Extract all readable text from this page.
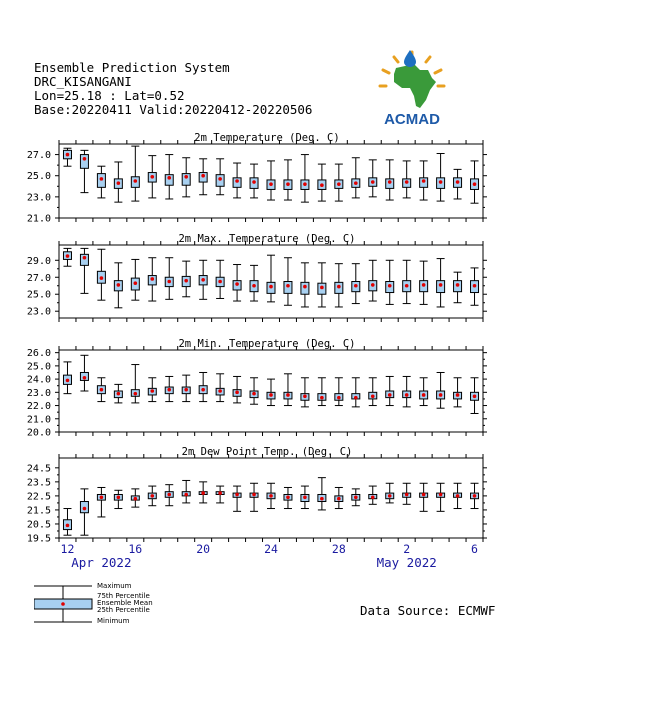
Ensemble Prediction System
DRC_KISANGANI
Lon=25.18 : Lat=0.52
Base:20220411 Valid:20220412-20220506
ACMAD
2m Temperature (Deg. C)
21.0
23.0
25.0
27.0
2m Max. Temperature (Deg. C)
23.0
25.0
27.0
29.0
2m Min. Temperature (Deg. C)
20.0
21.0
22.0
23.0
24.0
25.0
26.0
2m Dew Point Temp. (Deg. C)
19.5
20.5
21.5
22.5
23.5
24.5
12	16	20	24	28	2	6
Apr 2022	May 2022
Maximum
75th Percentile
Ensemble Mean
25th Percentile
Minimum
Data Source: ECMWF
